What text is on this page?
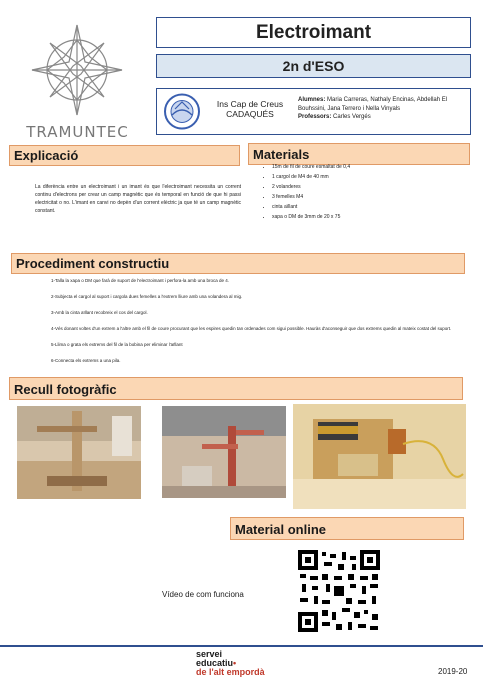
TRAMUNTEC
Electroimant
2n d'ESO
Ins Cap de Creus
CADAQUÉS
Alumnes: Maria Carreras, Nathaly Encinas, Abdellah El Bouhssini, Jana Terrero i Nella Vinyals
Professors: Carles Vergés
Explicació
La diferència entre un electroimant i un imant és que l'electroimant necessita un corrent continu d'electrons per crear un camp magnètic que és temporal en funció de que hi passi electricitat o no. L'imant en canvi no depèn d'un corrent elèctric ja que té un camp magnètic constant.
Materials
• 15m de fil de coure esmaltat de 0,4
• 1 cargol de M4 de 40 mm
• 2 volanderes
• 3 femelles M4
• cinta aïllant
• xapa o DM de 3mm de 20 x 75
Procediment constructiu
1-Talla la xapa o DM que farà de suport de l'electroimant i perfora-la amb una broca de 4.
2-Subjecta el cargol al suport i cargola dues femelles a l'extrem lliure amb una volandera al mig.
3-Amb la cinta aïllant recobreix el cos del cargol.
4-Vés donant voltes d'un extrem a l'altre amb el fil de coure procurant que les espires quedin tan ordenades com sigui possible. Hauràs d'aconseguir que dos extrems quedin al mateix costat del suport.
5-Llima o grata els extrems del fil de la bobina per eliminar l'aïllant
6-Connecta els extrems a una pila.
Recull fotogràfic
Material online
Vídeo de com funciona
servei
educatiu•
de l'alt empordà	2019-20
